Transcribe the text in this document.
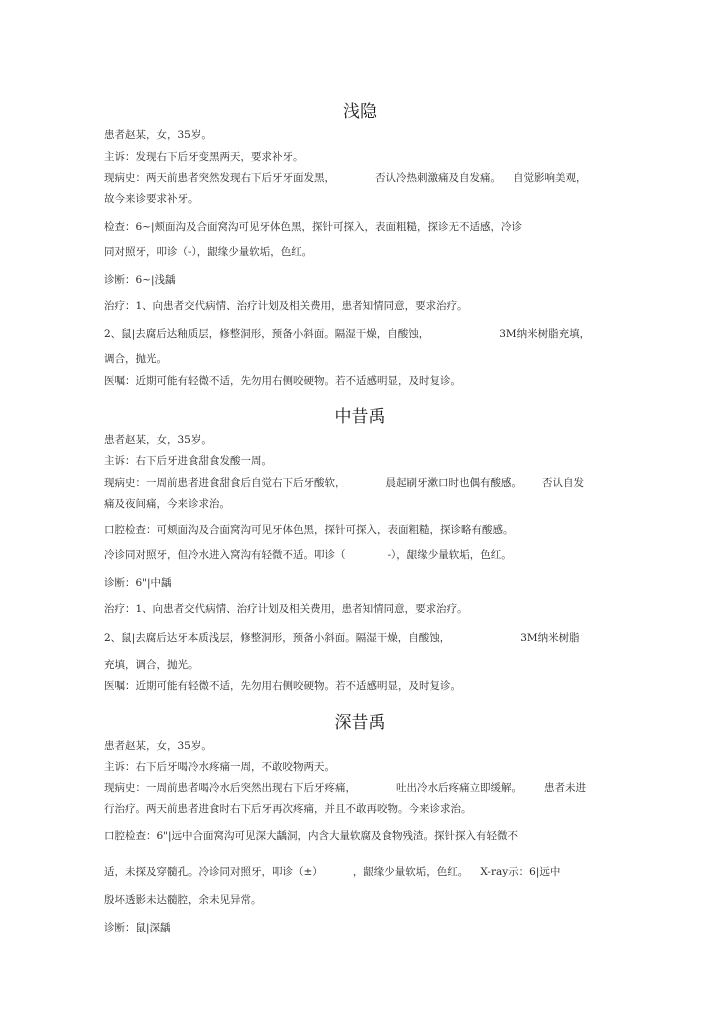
浅隐
患者赵某，女，35岁。
主诉：发现右下后牙变黑两天，要求补牙。
现病史：两天前患者突然发现右下后牙牙面发黑，	否认冷热刺激痛及自发痛。 自觉影响美观，
故今来诊要求补牙。
检查：6~|颊面沟及合面窝沟可见牙体色黑，探针可探入，表面粗糙，探诊无不适感，冷诊
同对照牙，叩诊（-），龈缘少量软垢，色红。
诊断：6~|浅龋
治疗：1、向患者交代病情、治疗计划及相关费用，患者知情同意，要求治疗。
2、鼠|去腐后达釉质层，修整洞形，预备小斜面。隔湿干燥，自酸蚀，	3M纳米树脂充填，
调合，抛光。
医嘱：近期可能有轻微不适，先勿用右侧咬硬物。若不适感明显，及时复诊。
中昔禹
患者赵某，女，35岁。
主诉：右下后牙进食甜食发酸一周。
现病史：一周前患者进食甜食后自觉右下后牙酸软，	晨起刷牙漱口时也偶有酸感。 否认自发
痛及夜间痛，今来诊求治。
口腔检查：可颊面沟及合面窝沟可见牙体色黑，探针可探入，表面粗糙，探诊略有酸感。
冷诊同对照牙，但冷水进入窝沟有轻微不适。叩诊（	-），龈缘少量软垢，色红。
诊断：6"|中龋
治疗：1、向患者交代病情、治疗计划及相关费用，患者知情同意，要求治疗。
2、鼠|去腐后达牙本质浅层，修整洞形，预备小斜面。隔湿干燥，自酸蚀，	3M纳米树脂
充填，调合，抛光。
医嘱：近期可能有轻微不适，先勿用右侧咬硬物。若不适感明显，及时复诊。
深昔禹
患者赵某，女，35岁。
主诉：右下后牙喝冷水疼痛一周，不敢咬物两天。
现病史：一周前患者喝冷水后突然出现右下后牙疼痛，	吐出冷水后疼痛立即缓解。 患者未进
行治疗。两天前患者进食时右下后牙再次疼痛，并且不敢再咬物。今来诊求治。
口腔检查：6"|远中合面窝沟可见深大龋洞，内含大量软腐及食物残渣。探针探入有轻微不
适，未探及穿髓孔。冷诊同对照牙，叩诊（±）	，龈缘少量软垢，色红。 X-ray示：6|远中
殷坏透影未达髓腔，余未见异常。
诊断：鼠|深龋
